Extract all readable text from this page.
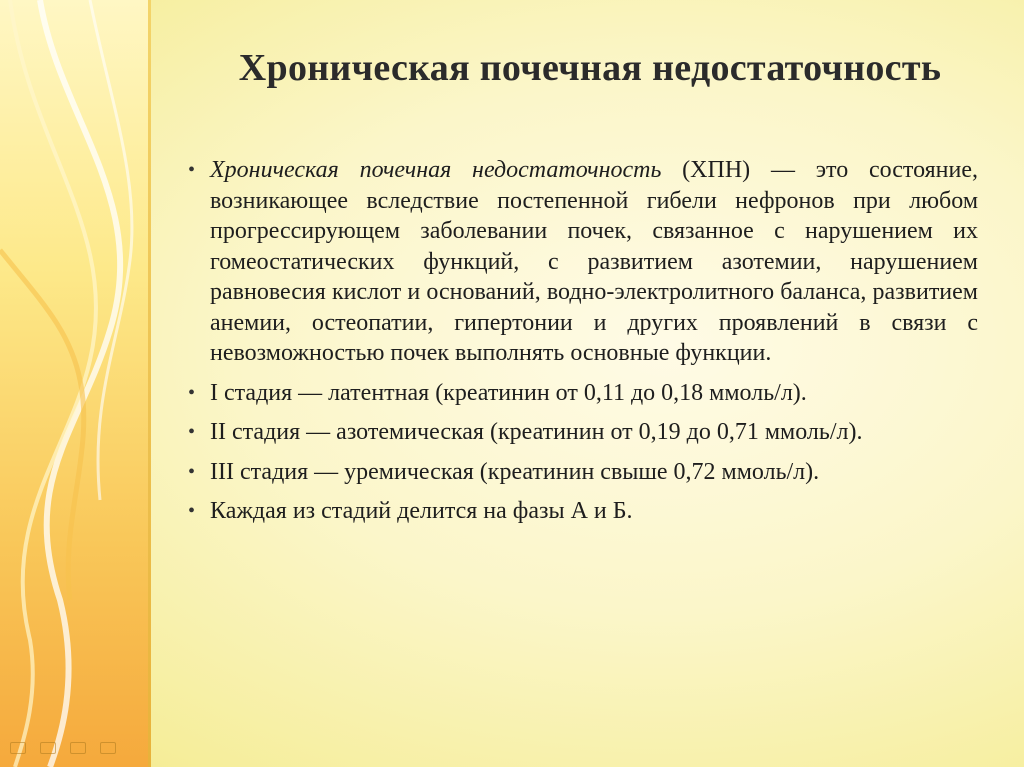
Хроническая почечная недостаточность
• Хроническая почечная недостаточность (ХПН) — это состояние, возникающее вследствие постепенной гибели нефронов при любом прогрессирующем заболевании почек, связанное с нарушением их гомеостатических функций, с развитием азотемии, нарушением равновесия кислот и оснований, водно-электролитного баланса, развитием анемии, остеопатии, гипертонии и других проявлений в связи с невозможностью почек выполнять основные функции.
• I стадия — латентная (креатинин от 0,11 до 0,18 ммоль/л).
• II стадия — азотемическая (креатинин от 0,19 до 0,71 ммоль/л).
• III стадия — уремическая (креатинин свыше 0,72 ммоль/л).
• Каждая из стадий делится на фазы А и Б.
